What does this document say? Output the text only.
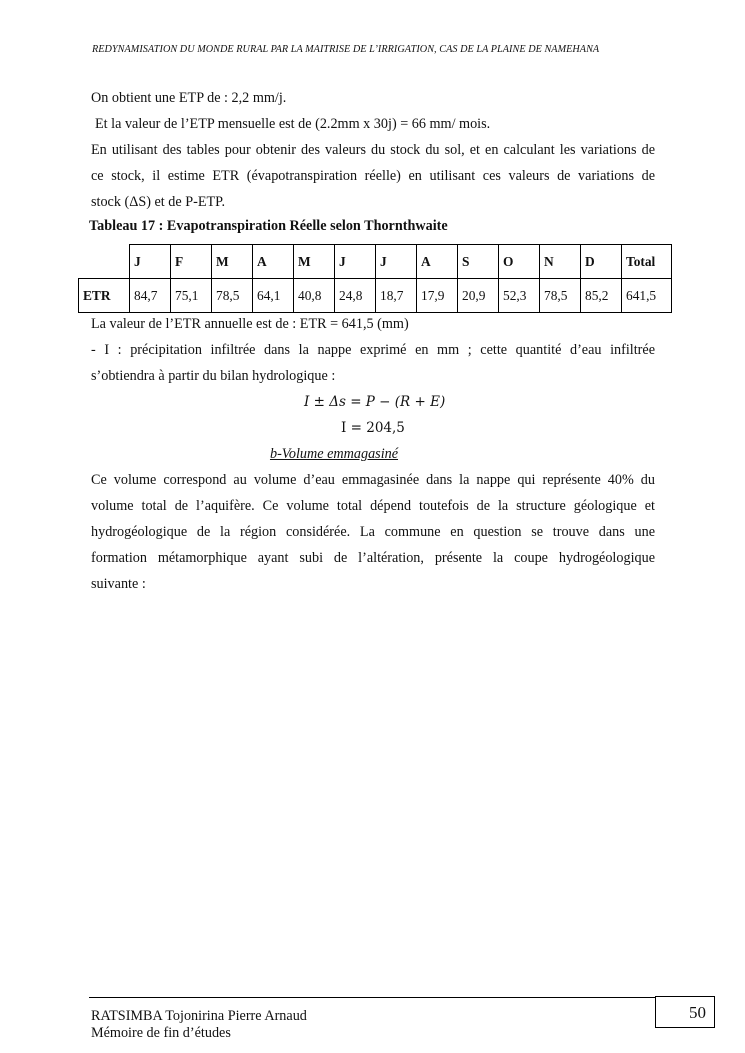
REDYNAMISATION DU MONDE RURAL PAR LA MAITRISE DE L’IRRIGATION, CAS DE LA PLAINE DE NAMEHANA
On obtient une ETP de : 2,2 mm/j.
Et la valeur de l’ETP mensuelle est de (2.2mm x 30j) = 66 mm/ mois.
En utilisant des tables pour obtenir des valeurs du stock du sol, et en calculant les variations de
ce stock, il estime ETR (évapotranspiration réelle) en utilisant ces valeurs de variations de
stock (ΔS) et de P-ETP.
Tableau 17 : Evapotranspiration Réelle selon Thornthwaite
	J	F	M	A	M	J	J	A	S	O	N	D	Total
ETR	84,7	75,1	78,5	64,1	40,8	24,8	18,7	17,9	20,9	52,3	78,5	85,2	641,5
La valeur de l’ETR annuelle est de : ETR = 641,5 (mm)
- I : précipitation infiltrée dans la nappe exprimé en mm ; cette quantité d’eau infiltrée
s’obtiendra à partir du bilan hydrologique :
I ± Δs = P − (R + E)
I = 204,5
b-Volume emmagasiné
Ce volume correspond au volume d’eau emmagasinée dans la nappe qui représente 40% du
volume total de l’aquifère. Ce volume total dépend toutefois de la structure géologique et
hydrogéologique de la région considérée. La commune en question se trouve dans une
formation métamorphique ayant subi de l’altération, présente la coupe hydrogéologique
suivante :
RATSIMBA Tojonirina Pierre Arnaud
Mémoire de fin d’études
50
